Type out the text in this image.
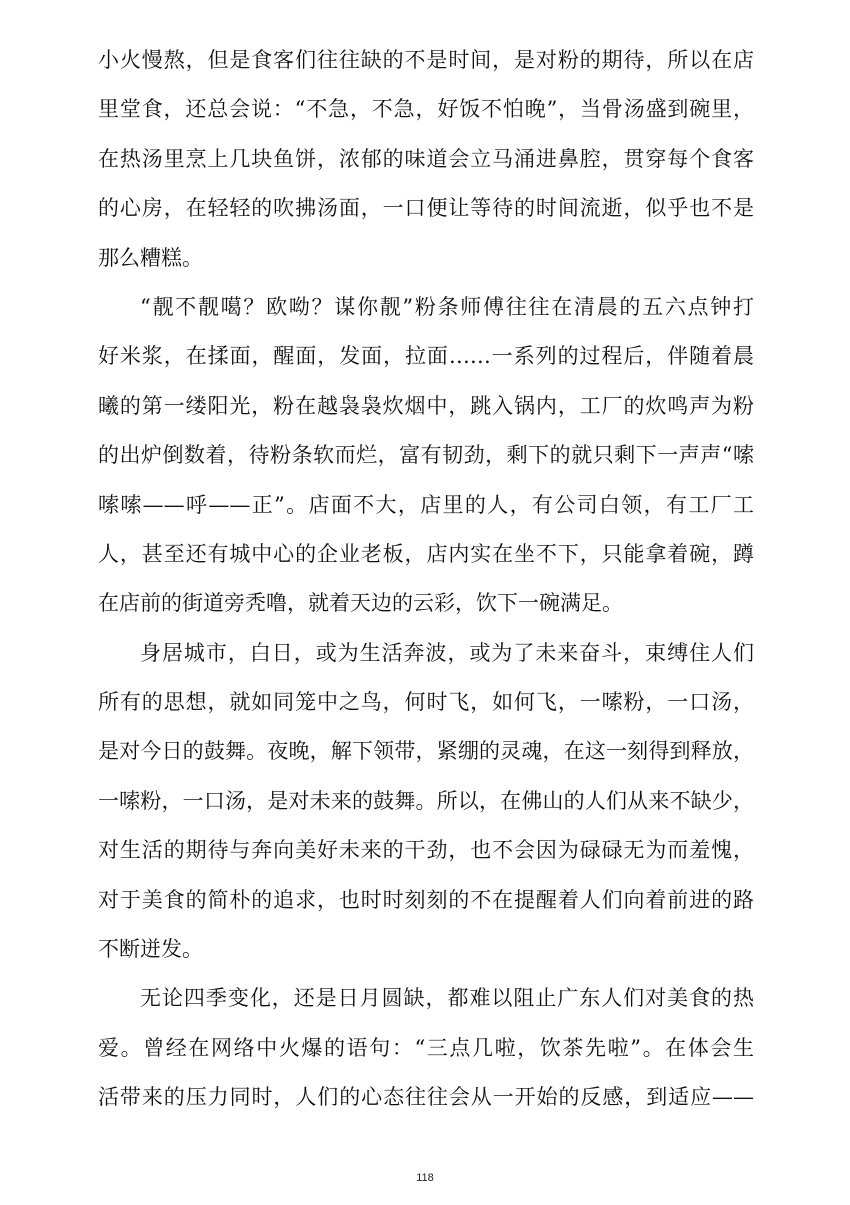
小火慢熬，但是食客们往往缺的不是时间，是对粉的期待，所以在店
里堂食，还总会说：“不急，不急，好饭不怕晚”，当骨汤盛到碗里，
在热汤里烹上几块鱼饼，浓郁的味道会立马涌进鼻腔，贯穿每个食客
的心房，在轻轻的吹拂汤面，一口便让等待的时间流逝，似乎也不是
那么糟糕。
“靓不靓噶？欧呦？谋你靓”粉条师傅往往在清晨的五六点钟打
好米浆，在揉面，醒面，发面，拉面……一系列的过程后，伴随着晨
曦的第一缕阳光，粉在越袅袅炊烟中，跳入锅内，工厂的炊鸣声为粉
的出炉倒数着，待粉条软而烂，富有韧劲，剩下的就只剩下一声声“嗦
嗦嗦——呼——正”。店面不大，店里的人，有公司白领，有工厂工
人，甚至还有城中心的企业老板，店内实在坐不下，只能拿着碗，蹲
在店前的街道旁秃噜，就着天边的云彩，饮下一碗满足。
身居城市，白日，或为生活奔波，或为了未来奋斗，束缚住人们
所有的思想，就如同笼中之鸟，何时飞，如何飞，一嗦粉，一口汤，
是对今日的鼓舞。夜晚，解下领带，紧绷的灵魂，在这一刻得到释放，
一嗦粉，一口汤，是对未来的鼓舞。所以，在佛山的人们从来不缺少，
对生活的期待与奔向美好未来的干劲，也不会因为碌碌无为而羞愧，
对于美食的简朴的追求，也时时刻刻的不在提醒着人们向着前进的路
不断迸发。
无论四季变化，还是日月圆缺，都难以阻止广东人们对美食的热
爱。曾经在网络中火爆的语句：“三点几啦，饮茶先啦”。在体会生
活带来的压力同时，人们的心态往往会从一开始的反感，到适应——
118
